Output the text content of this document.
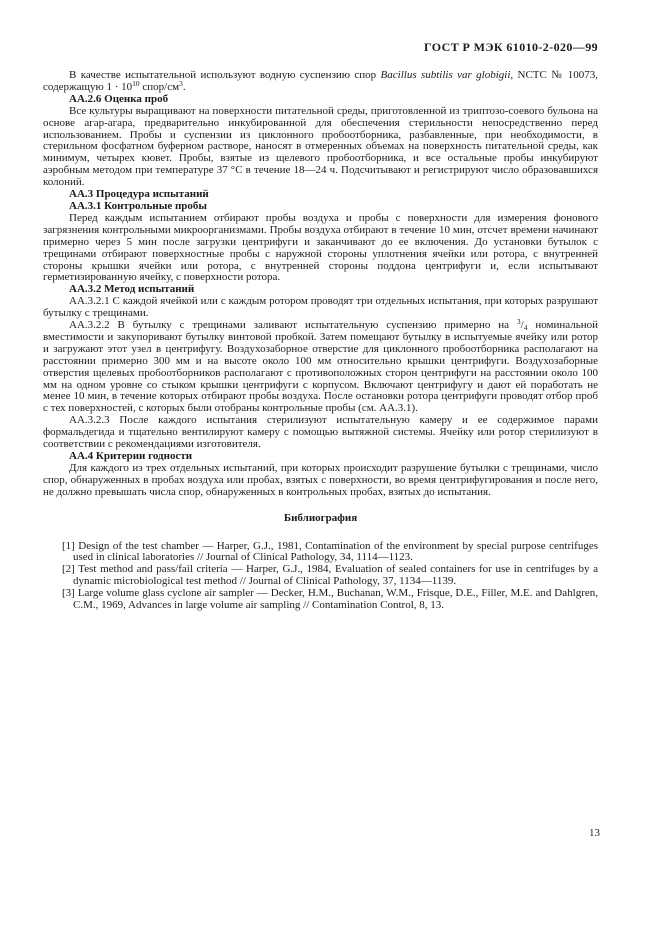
ГОСТ Р МЭК 61010-2-020—99
В качестве испытательной используют водную суспензию спор Bacillus subtilis var globigii, NCTC № 10073, содержащую $1 \cdot 10^{10}$ спор/$см^3$.
АА.2.6 Оценка проб
Все культуры выращивают на поверхности питательной среды, приготовленной из триптозо-соевого бульона на основе агар-агара, предварительно инкубированной для обеспечения стерильности непосредственно перед использованием. Пробы и суспензии из циклонного пробоотборника, разбавленные, при необходимости, в стерильном фосфатном буферном растворе, наносят в отмеренных объемах на поверхность питательной среды, как минимум, четырех кювет. Пробы, взятые из щелевого пробоотборника, и все остальные пробы инкубируют аэробным методом при температуре 37 °С в течение 18—24 ч. Подсчитывают и регистрируют число образовавшихся колоний.
АА.3 Процедура испытаний
АА.3.1 Контрольные пробы
Перед каждым испытанием отбирают пробы воздуха и пробы с поверхности для измерения фонового загрязнения контрольными микроорганизмами. Пробы воздуха отбирают в течение 10 мин, отсчет времени начинают примерно через 5 мин после загрузки центрифуги и заканчивают до ее включения. До установки бутылок с трещинами отбирают поверхностные пробы с наружной стороны уплотнения ячейки или ротора, с внутренней стороны крышки ячейки или ротора, с внутренней стороны поддона центрифуги и, если испытывают герметизированную ячейку, с поверхности ротора.
АА.3.2 Метод испытаний
АА.3.2.1 С каждой ячейкой или с каждым ротором проводят три отдельных испытания, при которых разрушают бутылку с трещинами.
АА.3.2.2 В бутылку с трещинами заливают испытательную суспензию примерно на $^3/_4$ номинальной вместимости и закупоривают бутылку винтовой пробкой. Затем помещают бутылку в испытуемые ячейку или ротор и загружают этот узел в центрифугу. Воздухозаборное отверстие для циклонного пробоотборника располагают на расстоянии примерно 300 мм и на высоте около 100 мм относительно крышки центрифуги. Воздухозаборные отверстия щелевых пробоотборников располагают с противоположных сторон центрифуги на расстоянии около 100 мм на одном уровне со стыком крышки центрифуги с корпусом. Включают центрифугу и дают ей поработать не менее 10 мин, в течение которых отбирают пробы воздуха. После остановки ротора центрифуги проводят отбор проб с тех поверхностей, с которых были отобраны контрольные пробы (см. АА.3.1).
АА.3.2.3 После каждого испытания стерилизуют испытательную камеру и ее содержимое парами формальдегида и тщательно вентилируют камеру с помощью вытяжной системы. Ячейку или ротор стерилизуют в соответствии с рекомендациями изготовителя.
АА.4 Критерии годности
Для каждого из трех отдельных испытаний, при которых происходит разрушение бутылки с трещинами, число спор, обнаруженных в пробах воздуха или пробах, взятых с поверхности, во время центрифугирования и после него, не должно превышать числа спор, обнаруженных в контрольных пробах, взятых до испытания.
Библиография
[1] Design of the test chamber — Harper, G.J., 1981, Contamination of the environment by special purpose centrifuges used in clinical laboratories // Journal of Clinical Pathology, 34, 1114—1123.
[2] Test method and pass/fail criteria — Harper, G.J., 1984, Evaluation of sealed containers for use in centrifuges by a dynamic microbiological test method // Journal of Clinical Pathology, 37, 1134—1139.
[3] Large volume glass cyclone air sampler — Decker, H.M., Buchanan, W.M., Frisque, D.E., Filler, M.E. and Dahlgren, C.M., 1969, Advances in large volume air sampling // Contamination Control, 8, 13.
13
